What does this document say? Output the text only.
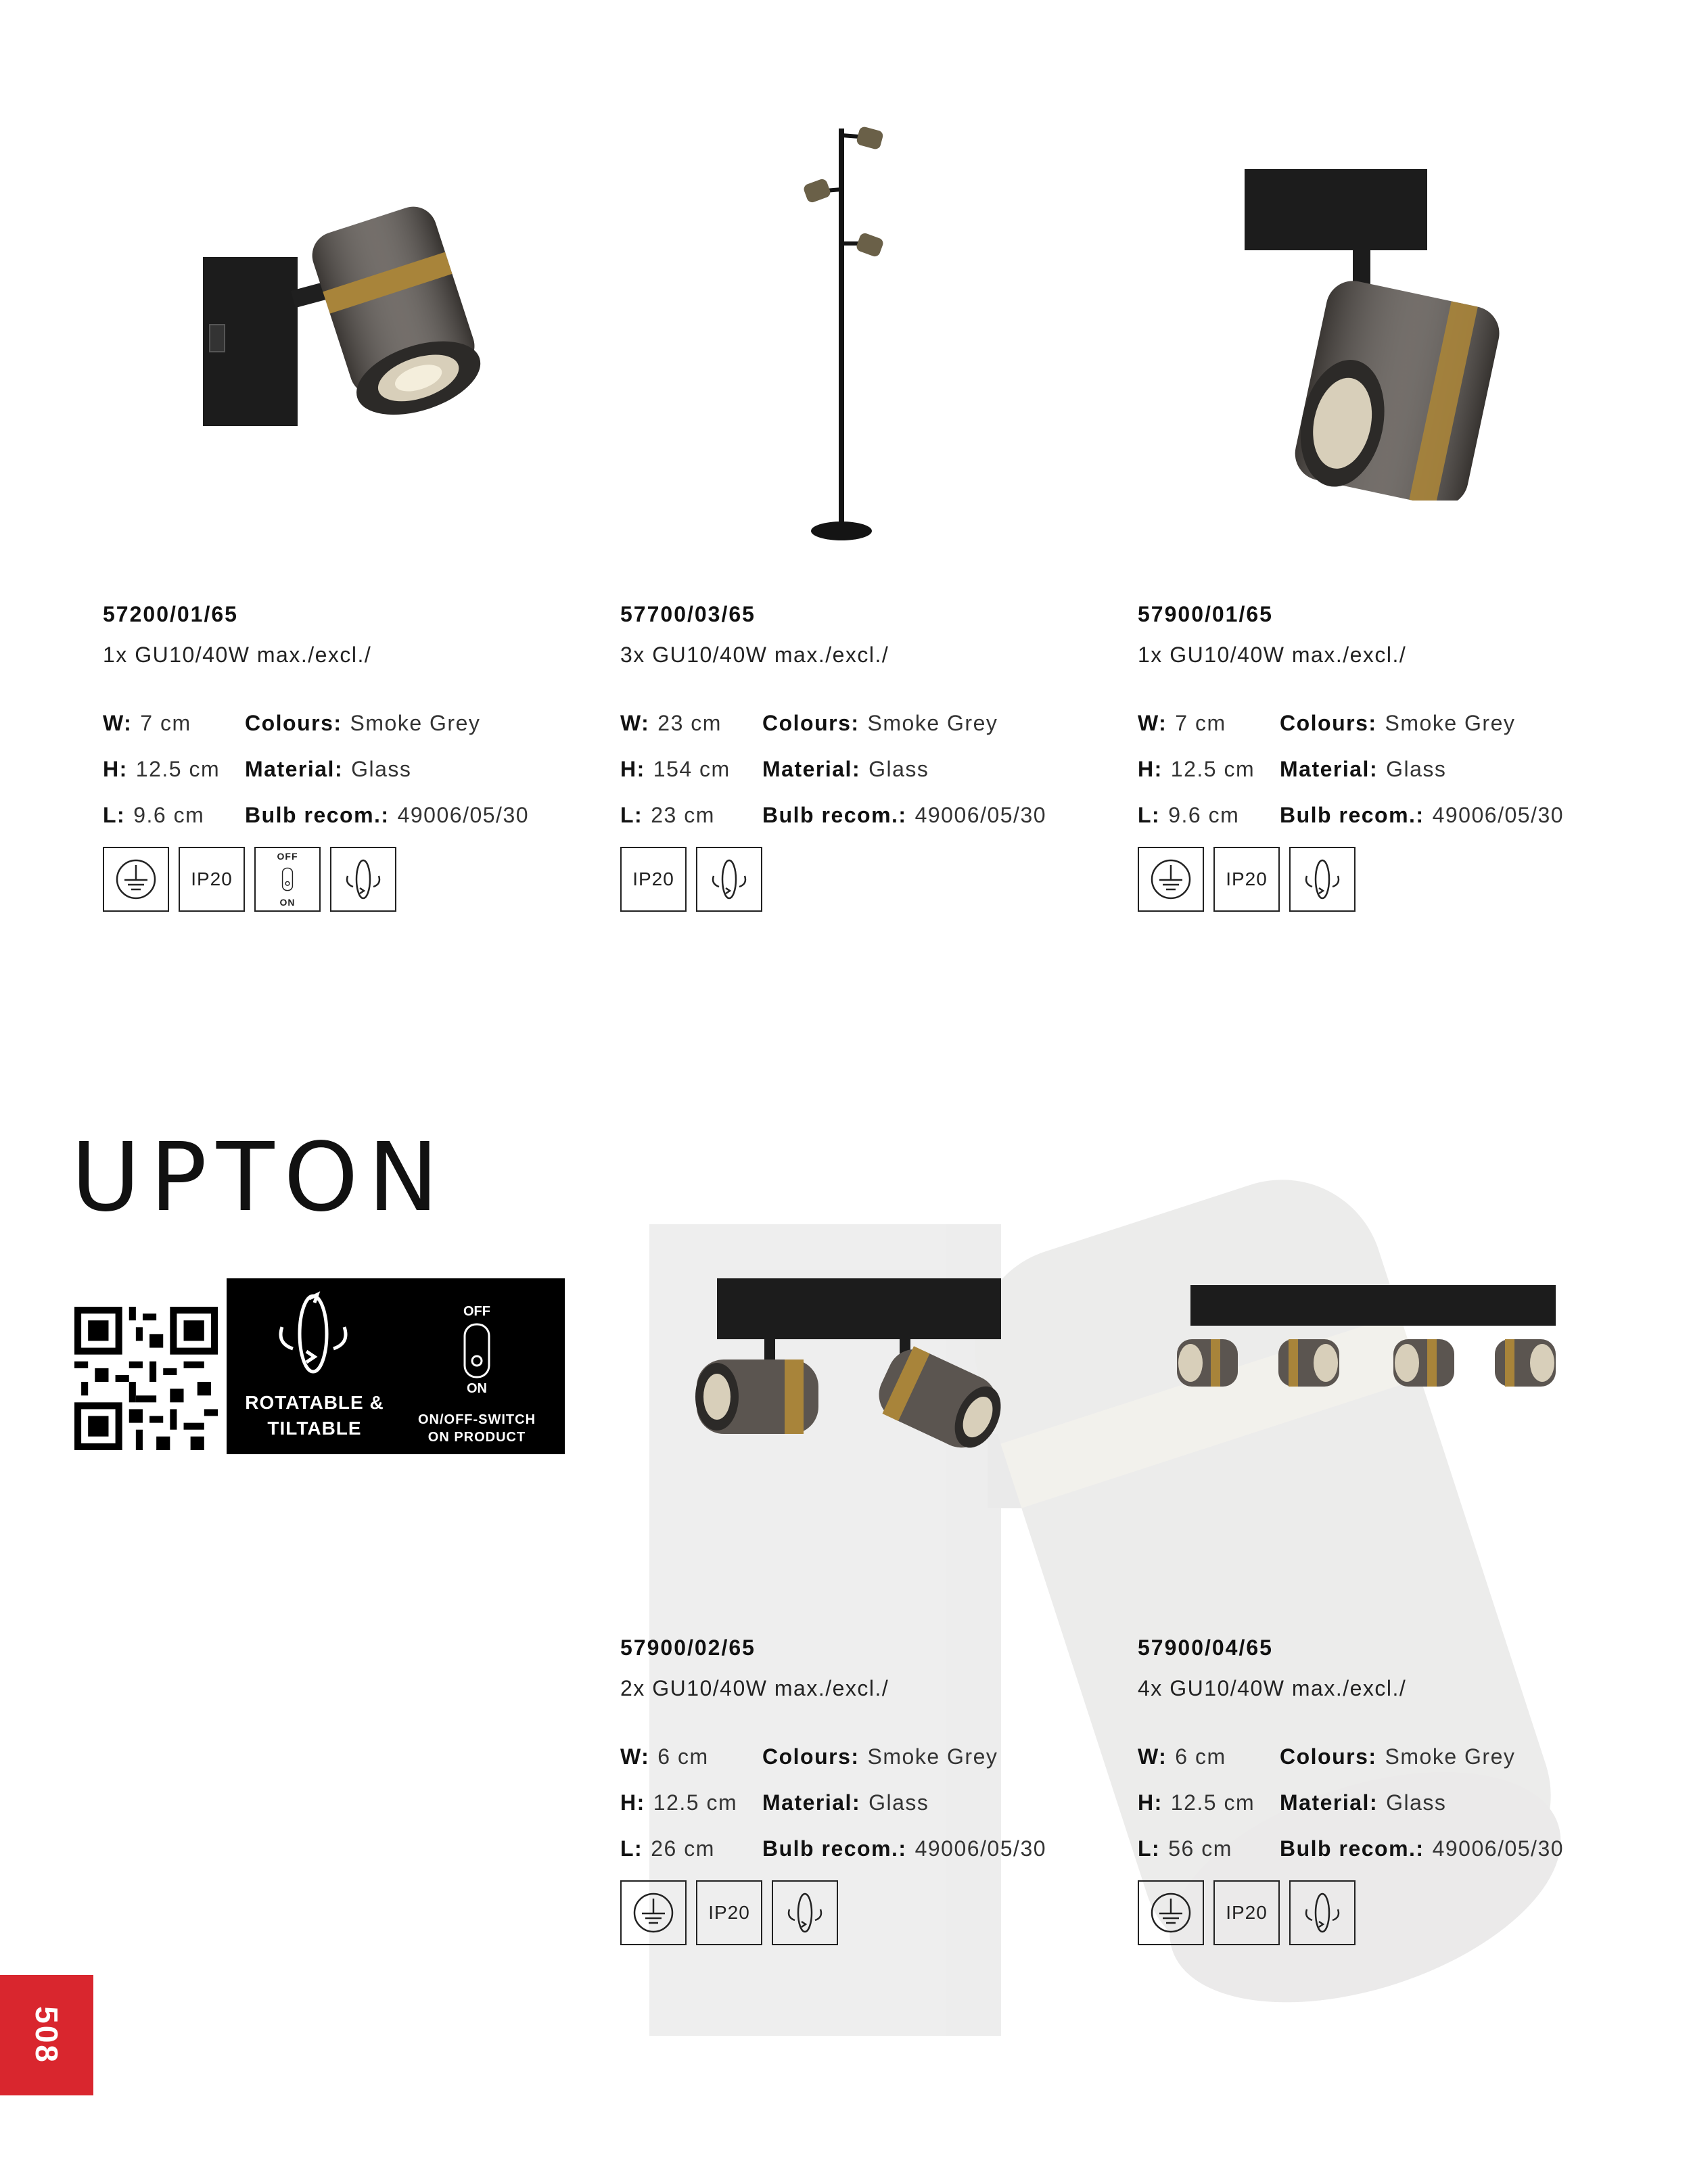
57200/01/65
1x GU10/40W max./excl./
W: 7 cm	Colours: Smoke Grey
H: 12.5 cm	Material: Glass
L: 9.6 cm	Bulb recom.: 49006/05/30
IP20
OFF
ON
57700/03/65
3x GU10/40W max./excl./
W: 23 cm	Colours: Smoke Grey
H: 154 cm	Material: Glass
L: 23 cm	Bulb recom.: 49006/05/30
IP20
57900/01/65
1x GU10/40W max./excl./
W: 7 cm	Colours: Smoke Grey
H: 12.5 cm	Material: Glass
L: 9.6 cm	Bulb recom.: 49006/05/30
IP20
UPTON
ROTATABLE &
TILTABLE
OFF
ON
ON/OFF-SWITCH
ON PRODUCT
57900/02/65
2x GU10/40W max./excl./
W: 6 cm	Colours: Smoke Grey
H: 12.5 cm	Material: Glass
L: 26 cm	Bulb recom.: 49006/05/30
IP20
57900/04/65
4x GU10/40W max./excl./
W: 6 cm	Colours: Smoke Grey
H: 12.5 cm	Material: Glass
L: 56 cm	Bulb recom.: 49006/05/30
IP20
508
